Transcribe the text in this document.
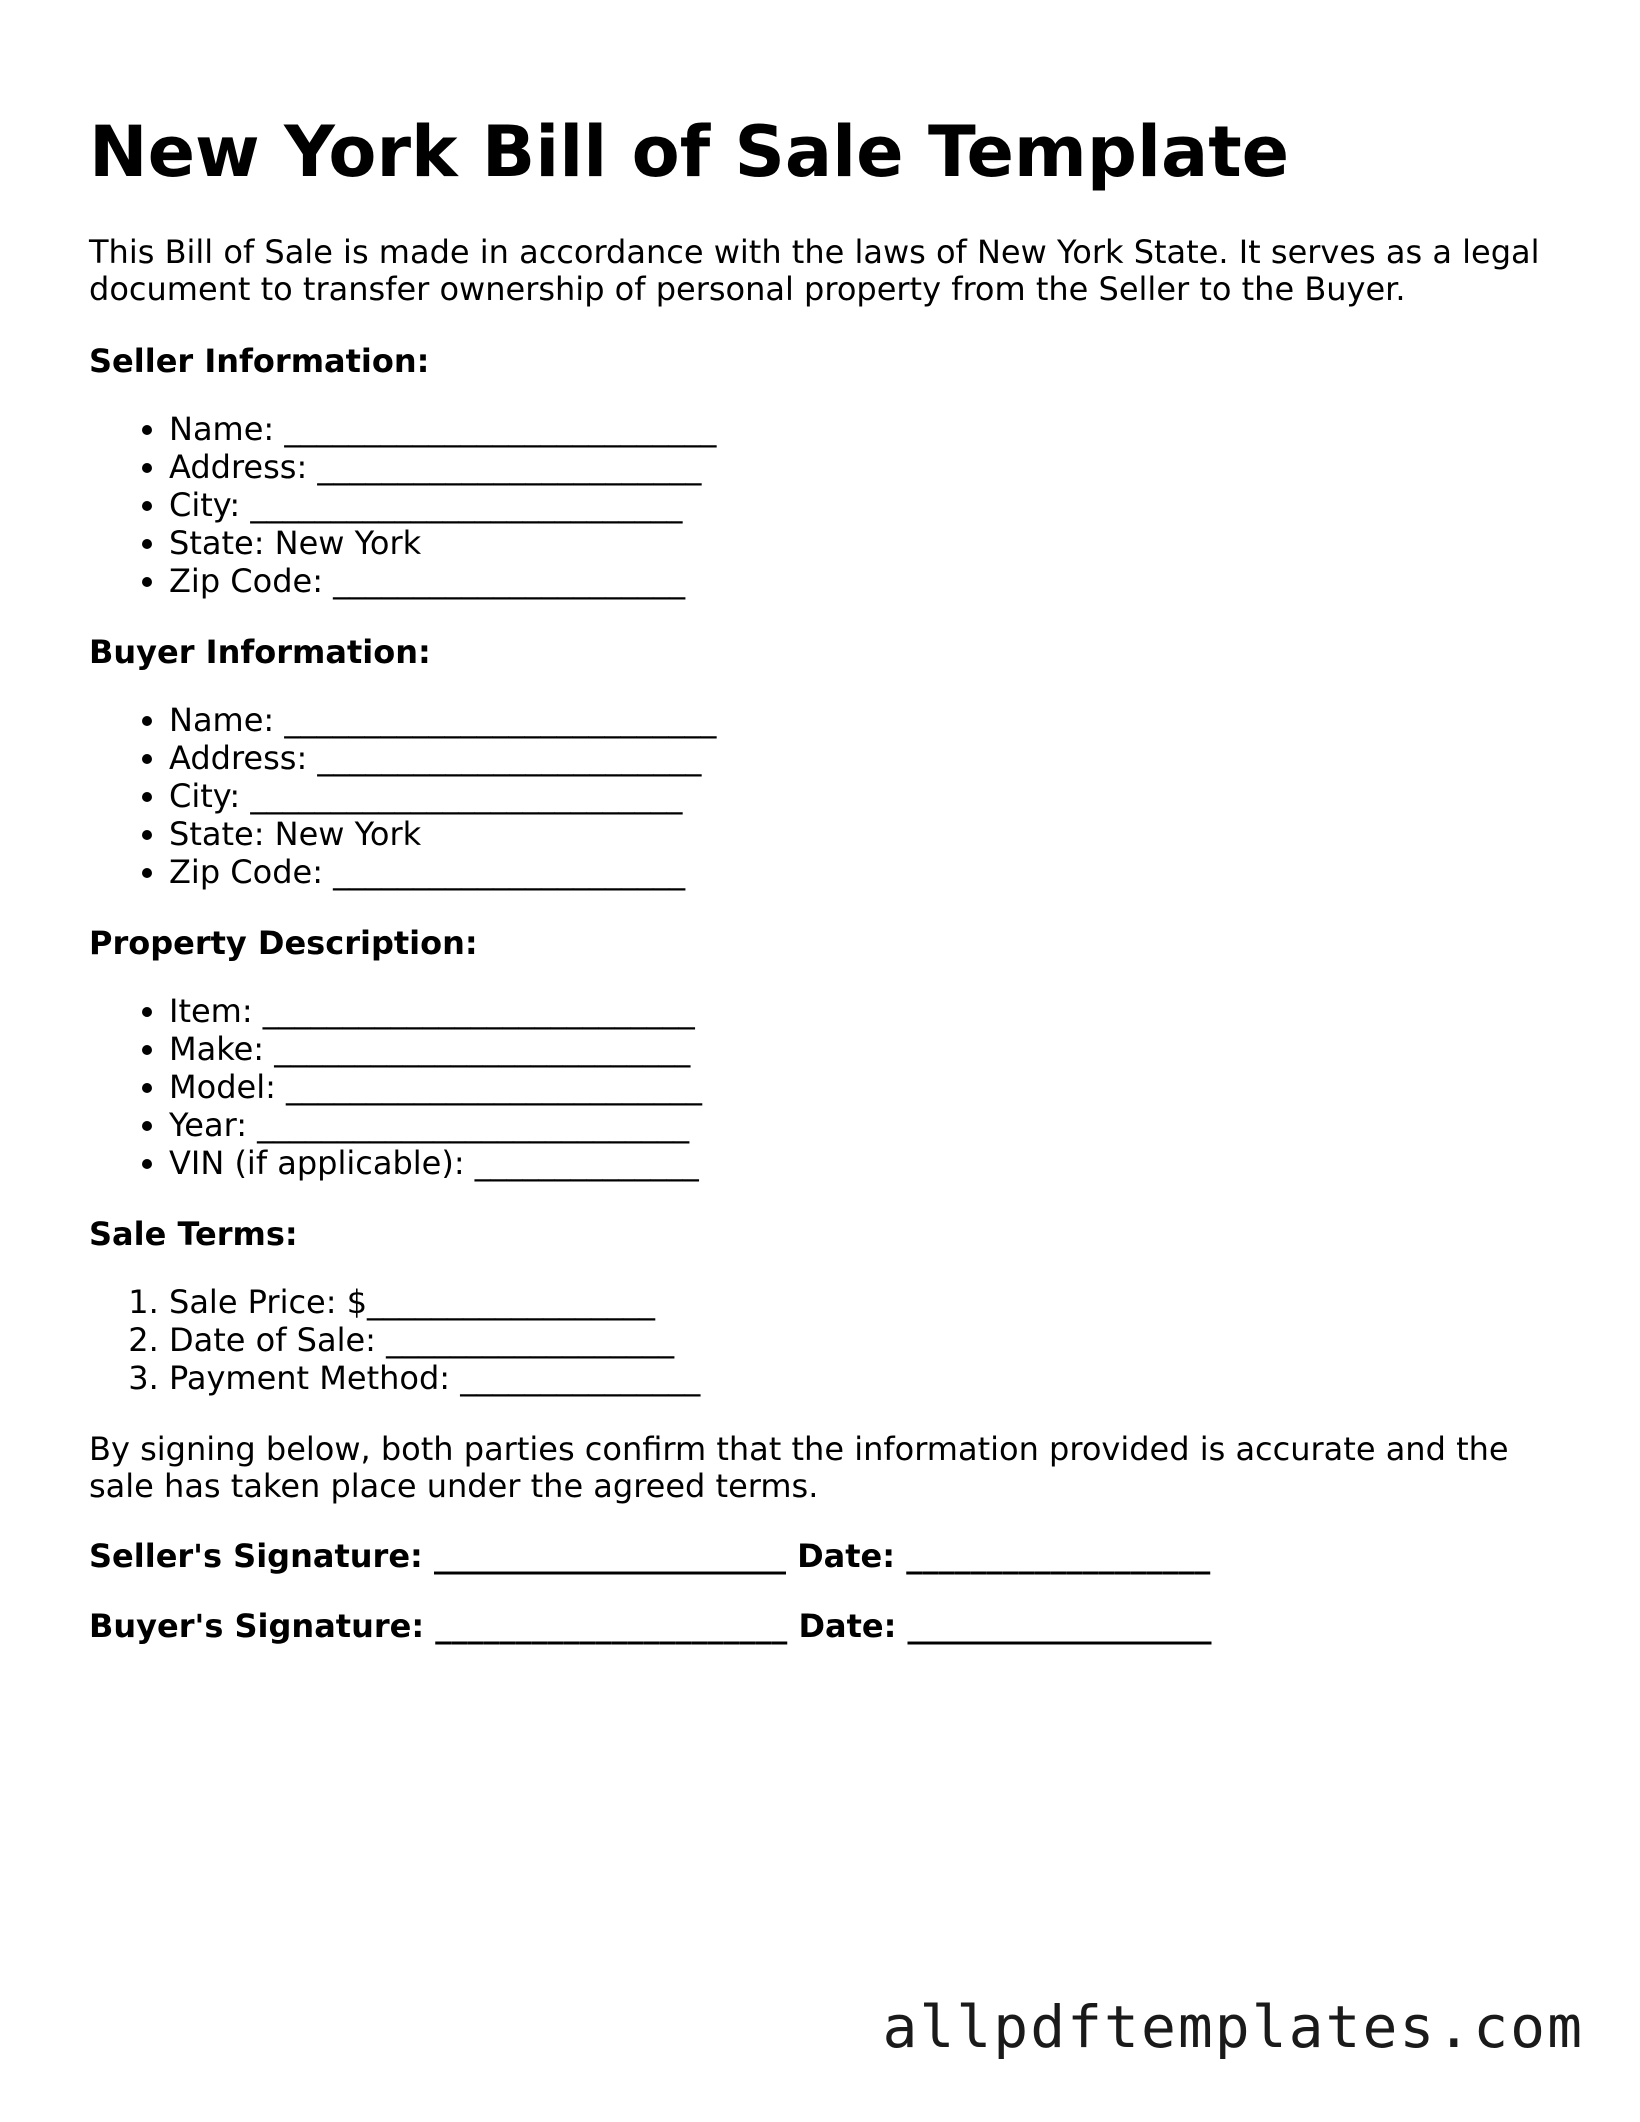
New York Bill of Sale Template

This Bill of Sale is made in accordance with the laws of New York State. It serves as a legal
document to transfer ownership of personal property from the Seller to the Buyer.

Seller Information:
• Name: ___________________________
• Address: ________________________
• City: ___________________________
• State: New York
• Zip Code: ______________________
Buyer Information:
• Name: ___________________________
• Address: ________________________
• City: ___________________________
• State: New York
• Zip Code: ______________________
Property Description:
• Item: ___________________________
• Make: __________________________
• Model: __________________________
• Year: ___________________________
• VIN (if applicable): ______________
Sale Terms:
1. Sale Price: $__________________
2. Date of Sale: __________________
3. Payment Method: _______________

By signing below, both parties confirm that the information provided is accurate and the
sale has taken place under the agreed terms.

Seller's Signature: ______________________ Date: ___________________

Buyer's Signature: ______________________ Date: ___________________

allpdftemplates.com
